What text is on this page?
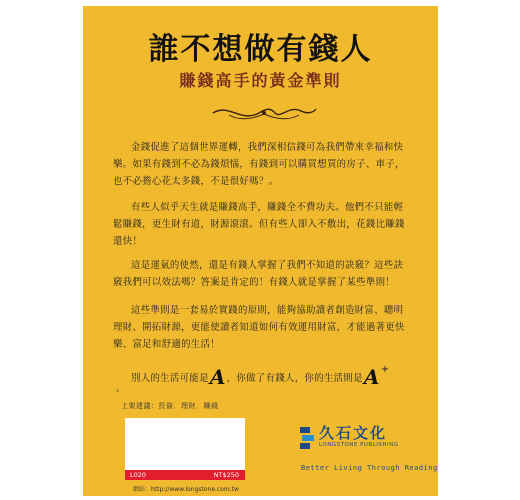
誰不想做有錢人
賺錢高手的黃金準則

金錢促進了這個世界運轉，我們深相信錢可為我們帶來幸福和快樂。如果有錢到不必為錢煩惱，有錢到可以購買想買的房子、車子，也不必擔心花太多錢，不是很好嗎？。

有些人似乎天生就是賺錢高手，賺錢全不費功夫。他們不只能輕鬆賺錢，更生財有道，財源滾滾。但有些人卻入不敷出，花錢比賺錢還快！

這是運氣的使然，還是有錢人掌握了我們不知道的訣竅？這些訣竅我們可以效法嗎？答案是肯定的！有錢人就是掌握了某些準則！

這些準則是一套易於實踐的原則，能夠協助讀者創造財富、聰明理財、開拓財源，更能使讀者知道如何有效運用財富，才能過著更快樂、富足和舒適的生活！

別人的生活可能是A，你做了有錢人，你的生活則是A+

。
上架建議：投資．理財．賺錢
L020	NT$250
網站：http://www.longstone.com.tw
久石文化
LONGSTONE PUBLISHING
Better Living Through Reading
